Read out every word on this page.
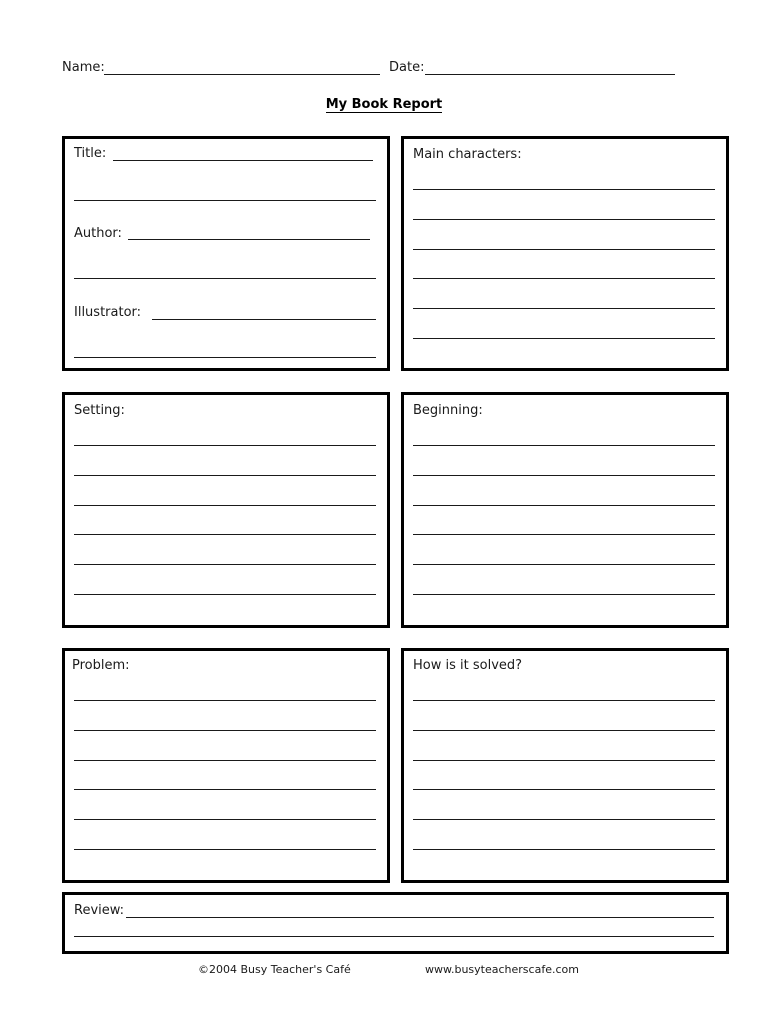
Name:	Date:
My Book Report
Title:
Author:
Illustrator:
Main characters:
Setting:	Beginning:
Problem:	How is it solved?
Review:
©2004 Busy Teacher's Café	www.busyteacherscafe.com
